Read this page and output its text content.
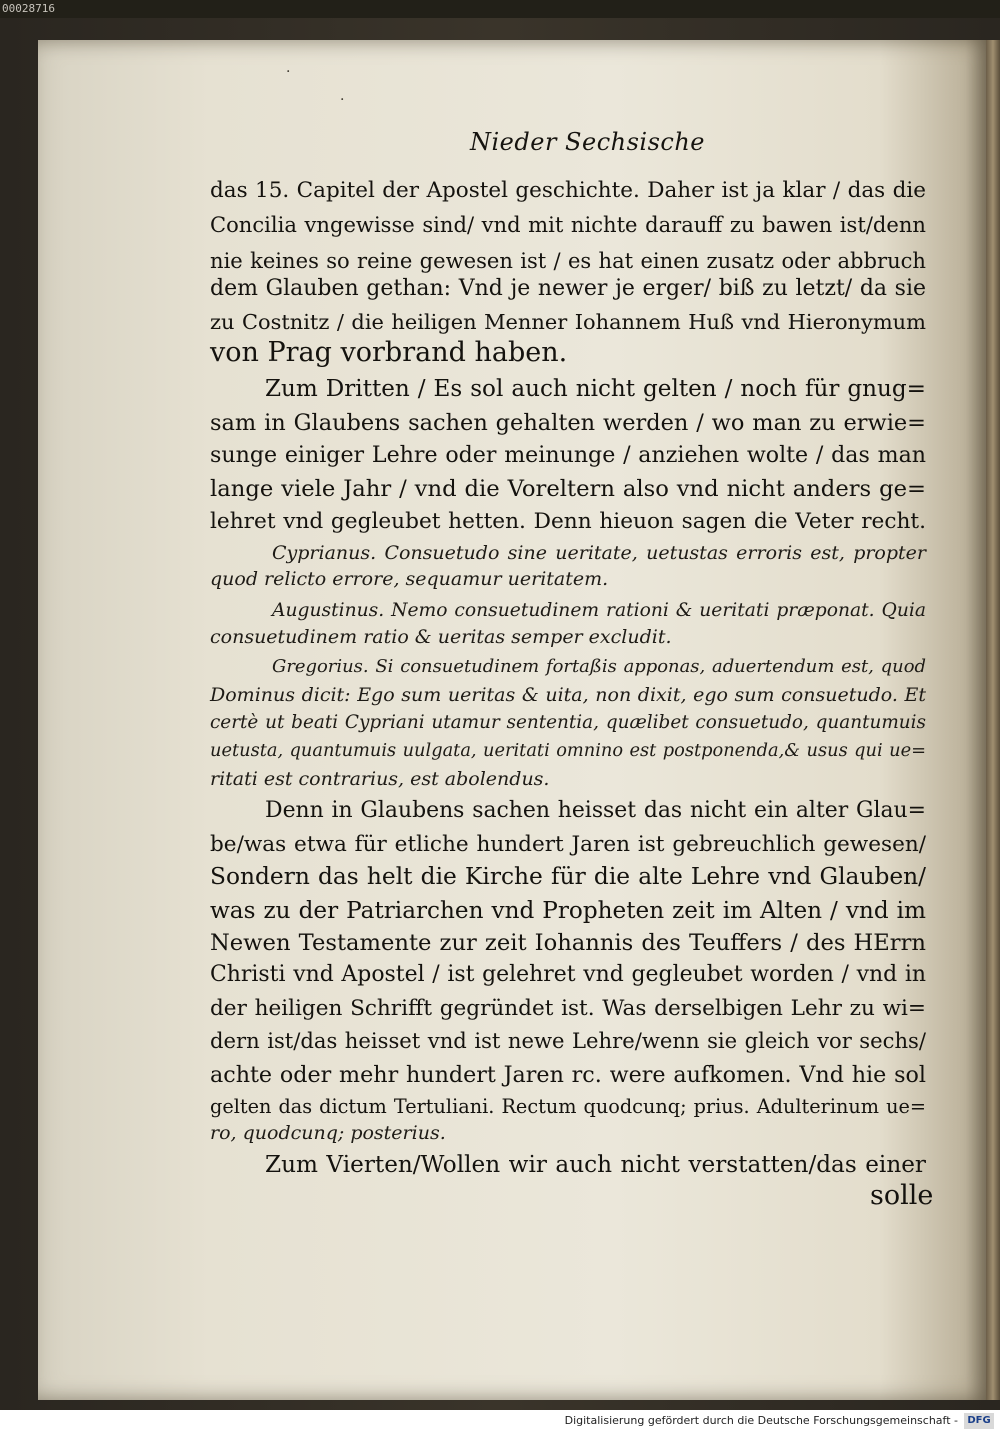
00028716
·
·
Nieder Sechsische
das 15. Capitel der Apostel geschichte. Daher ist ja klar / das die
Concilia vngewisse sind/ vnd mit nichte darauff zu bawen ist/denn
nie keines so reine gewesen ist / es hat einen zusatz oder abbruch
dem Glauben gethan: Vnd je newer je erger/ biß zu letzt/ da sie
zu Costnitz / die heiligen Menner Iohannem Huß vnd Hieronymum
von Prag vorbrand haben.
Zum Dritten / Es sol auch nicht gelten / noch für gnug=
sam in Glaubens sachen gehalten werden / wo man zu erwie=
sunge einiger Lehre oder meinunge / anziehen wolte / das man
lange viele Jahr / vnd die Voreltern also vnd nicht anders ge=
lehret vnd gegleubet hetten. Denn hieuon sagen die Veter recht.
Cyprianus. Consuetudo sine ueritate, uetustas erroris est, propter
quod relicto errore, sequamur ueritatem.
Augustinus. Nemo consuetudinem rationi & ueritati præponat. Quia
consuetudinem ratio & ueritas semper excludit.
Gregorius. Si consuetudinem fortaßis apponas, aduertendum est, quod
Dominus dicit: Ego sum ueritas & uita, non dixit, ego sum consuetudo. Et
certè ut beati Cypriani utamur sententia, quælibet consuetudo, quantumuis
uetusta, quantumuis uulgata, ueritati omnino est postponenda,& usus qui ue=
ritati est contrarius, est abolendus.
Denn in Glaubens sachen heisset das nicht ein alter Glau=
be/was etwa für etliche hundert Jaren ist gebreuchlich gewesen/
Sondern das helt die Kirche für die alte Lehre vnd Glauben/
was zu der Patriarchen vnd Propheten zeit im Alten / vnd im
Newen Testamente zur zeit Iohannis des Teuffers / des HErrn
Christi vnd Apostel / ist gelehret vnd gegleubet worden / vnd in
der heiligen Schrifft gegründet ist. Was derselbigen Lehr zu wi=
dern ist/das heisset vnd ist newe Lehre/wenn sie gleich vor sechs/
achte oder mehr hundert Jaren rc. were aufkomen. Vnd hie sol
gelten das dictum Tertuliani. Rectum quodcunq; prius. Adulterinum ue=
ro, quodcunq; posterius.
Zum Vierten/Wollen wir auch nicht verstatten/das einer
solle
Digitalisierung gefördert durch die Deutsche Forschungsgemeinschaft - DFG
